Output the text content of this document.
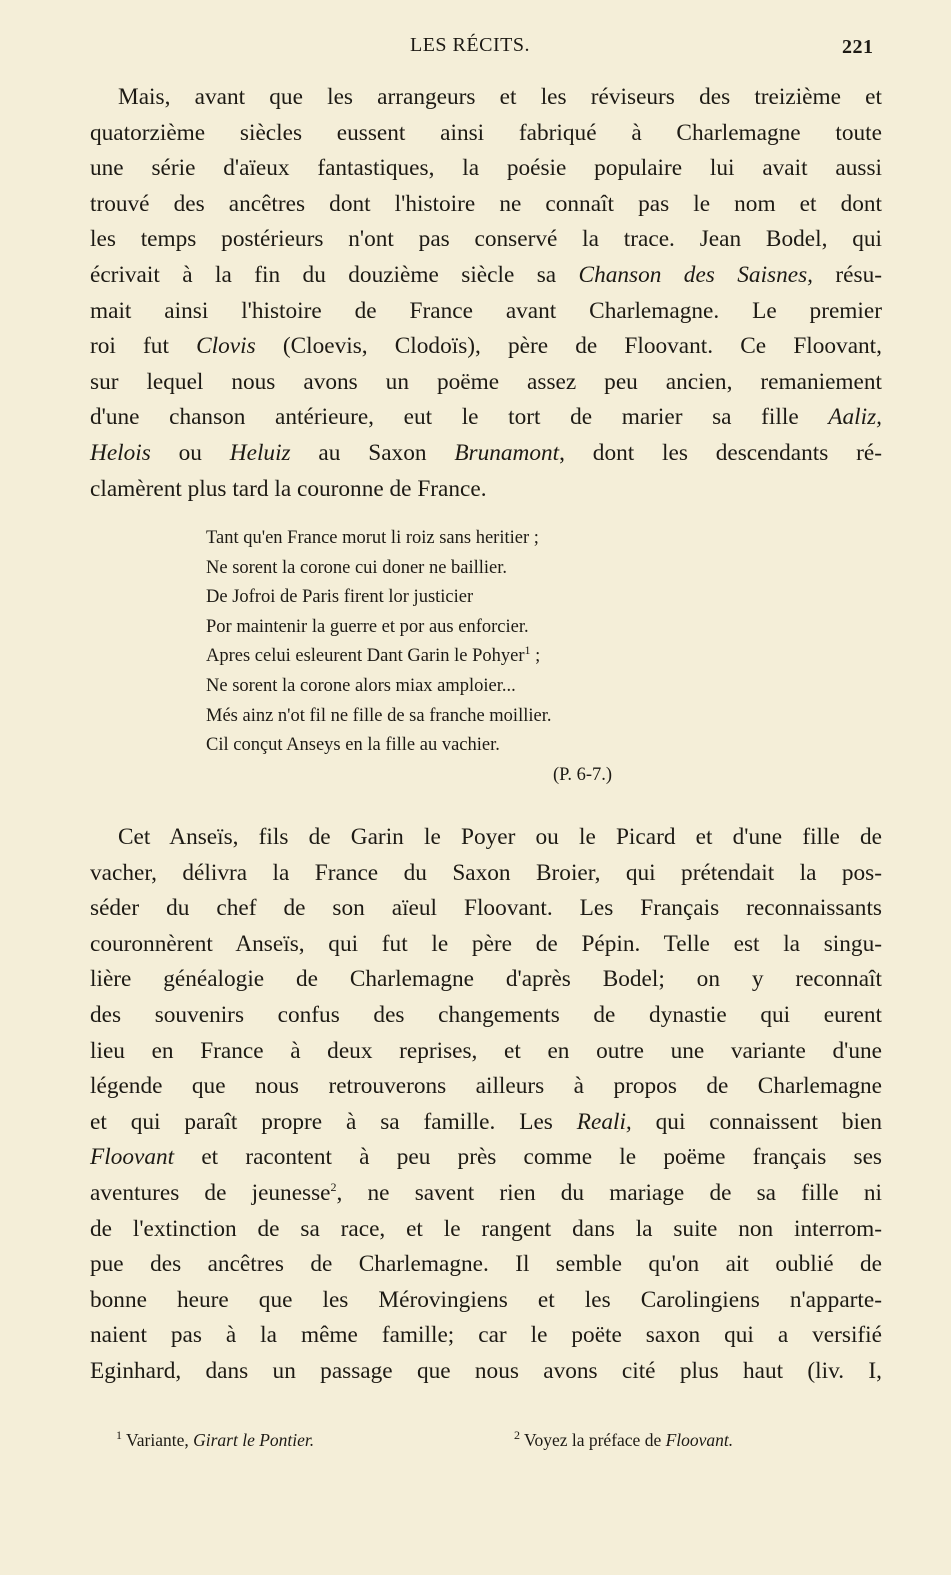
LES RÉCITS.	221
Mais, avant que les arrangeurs et les réviseurs des treizième et
quatorzième siècles eussent ainsi fabriqué à Charlemagne toute
une série d'aïeux fantastiques, la poésie populaire lui avait aussi
trouvé des ancêtres dont l'histoire ne connaît pas le nom et dont
les temps postérieurs n'ont pas conservé la trace. Jean Bodel, qui
écrivait à la fin du douzième siècle sa Chanson des Saisnes, résu-
mait ainsi l'histoire de France avant Charlemagne. Le premier
roi fut Clovis (Cloevis, Clodoïs), père de Floovant. Ce Floovant,
sur lequel nous avons un poëme assez peu ancien, remaniement
d'une chanson antérieure, eut le tort de marier sa fille Aaliz,
Helois ou Heluiz au Saxon Brunamont, dont les descendants ré-
clamèrent plus tard la couronne de France.
Tant qu'en France morut li roiz sans heritier ;
Ne sorent la corone cui doner ne baillier.
De Jofroi de Paris firent lor justicier
Por maintenir la guerre et por aus enforcier.
Apres celui esleurent Dant Garin le Pohyer$^1$ ;
Ne sorent la corone alors miax amploier...
Més ainz n'ot fil ne fille de sa franche moillier.
Cil conçut Anseys en la fille au vachier.
(P. 6-7.)
Cet Anseïs, fils de Garin le Poyer ou le Picard et d'une fille de
vacher, délivra la France du Saxon Broier, qui prétendait la pos-
séder du chef de son aïeul Floovant. Les Français reconnaissants
couronnèrent Anseïs, qui fut le père de Pépin. Telle est la singu-
lière généalogie de Charlemagne d'après Bodel; on y reconnaît
des souvenirs confus des changements de dynastie qui eurent
lieu en France à deux reprises, et en outre une variante d'une
légende que nous retrouverons ailleurs à propos de Charlemagne
et qui paraît propre à sa famille. Les Reali, qui connaissent bien
Floovant et racontent à peu près comme le poëme français ses
aventures de jeunesse$^2$, ne savent rien du mariage de sa fille ni
de l'extinction de sa race, et le rangent dans la suite non interrom-
pue des ancêtres de Charlemagne. Il semble qu'on ait oublié de
bonne heure que les Mérovingiens et les Carolingiens n'apparte-
naient pas à la même famille; car le poëte saxon qui a versifié
Eginhard, dans un passage que nous avons cité plus haut (liv. I,
$^1$ Variante, Girart le Pontier.	$^2$ Voyez la préface de Floovant.
